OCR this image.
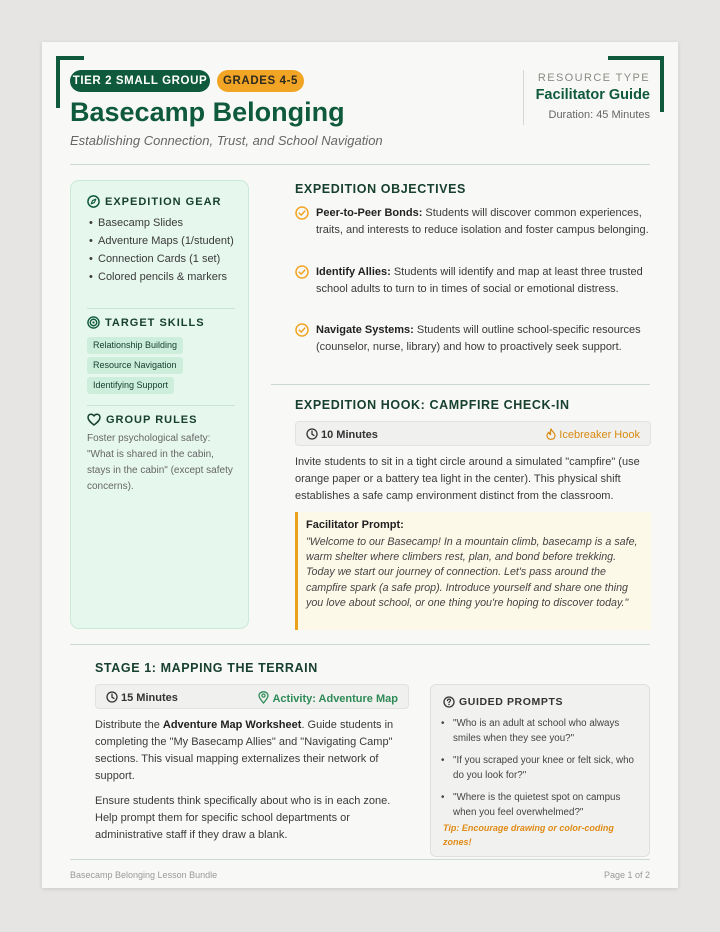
TIER 2 SMALL GROUP	GRADES 4-5
Basecamp Belonging
Establishing Connection, Trust, and School Navigation
RESOURCE TYPE
Facilitator Guide
Duration: 45 Minutes
EXPEDITION GEAR
• Basecamp Slides
• Adventure Maps (1/student)
• Connection Cards (1 set)
• Colored pencils & markers
TARGET SKILLS
Relationship Building
Resource Navigation
Identifying Support
GROUP RULES
Foster psychological safety: "What is shared in the cabin, stays in the cabin" (except safety concerns).
EXPEDITION OBJECTIVES
Peer-to-Peer Bonds: Students will discover common experiences, traits, and interests to reduce isolation and foster campus belonging.
Identify Allies: Students will identify and map at least three trusted school adults to turn to in times of social or emotional distress.
Navigate Systems: Students will outline school-specific resources (counselor, nurse, library) and how to proactively seek support.
EXPEDITION HOOK: CAMPFIRE CHECK-IN
10 Minutes	Icebreaker Hook
Invite students to sit in a tight circle around a simulated "campfire" (use orange paper or a battery tea light in the center). This physical shift establishes a safe camp environment distinct from the classroom.
Facilitator Prompt:
"Welcome to our Basecamp! In a mountain climb, basecamp is a safe, warm shelter where climbers rest, plan, and bond before trekking. Today we start our journey of connection. Let's pass around the campfire spark (a safe prop). Introduce yourself and share one thing you love about school, or one thing you're hoping to discover today."
STAGE 1: MAPPING THE TERRAIN
15 Minutes	Activity: Adventure Map
Distribute the Adventure Map Worksheet. Guide students in completing the "My Basecamp Allies" and "Navigating Camp" sections. This visual mapping externalizes their network of support.
Ensure students think specifically about who is in each zone. Help prompt them for specific school departments or administrative staff if they draw a blank.
GUIDED PROMPTS
• "Who is an adult at school who always smiles when they see you?"
• "If you scraped your knee or felt sick, who do you look for?"
• "Where is the quietest spot on campus when you feel overwhelmed?"
Tip: Encourage drawing or color-coding zones!
Basecamp Belonging Lesson Bundle	Page 1 of 2
